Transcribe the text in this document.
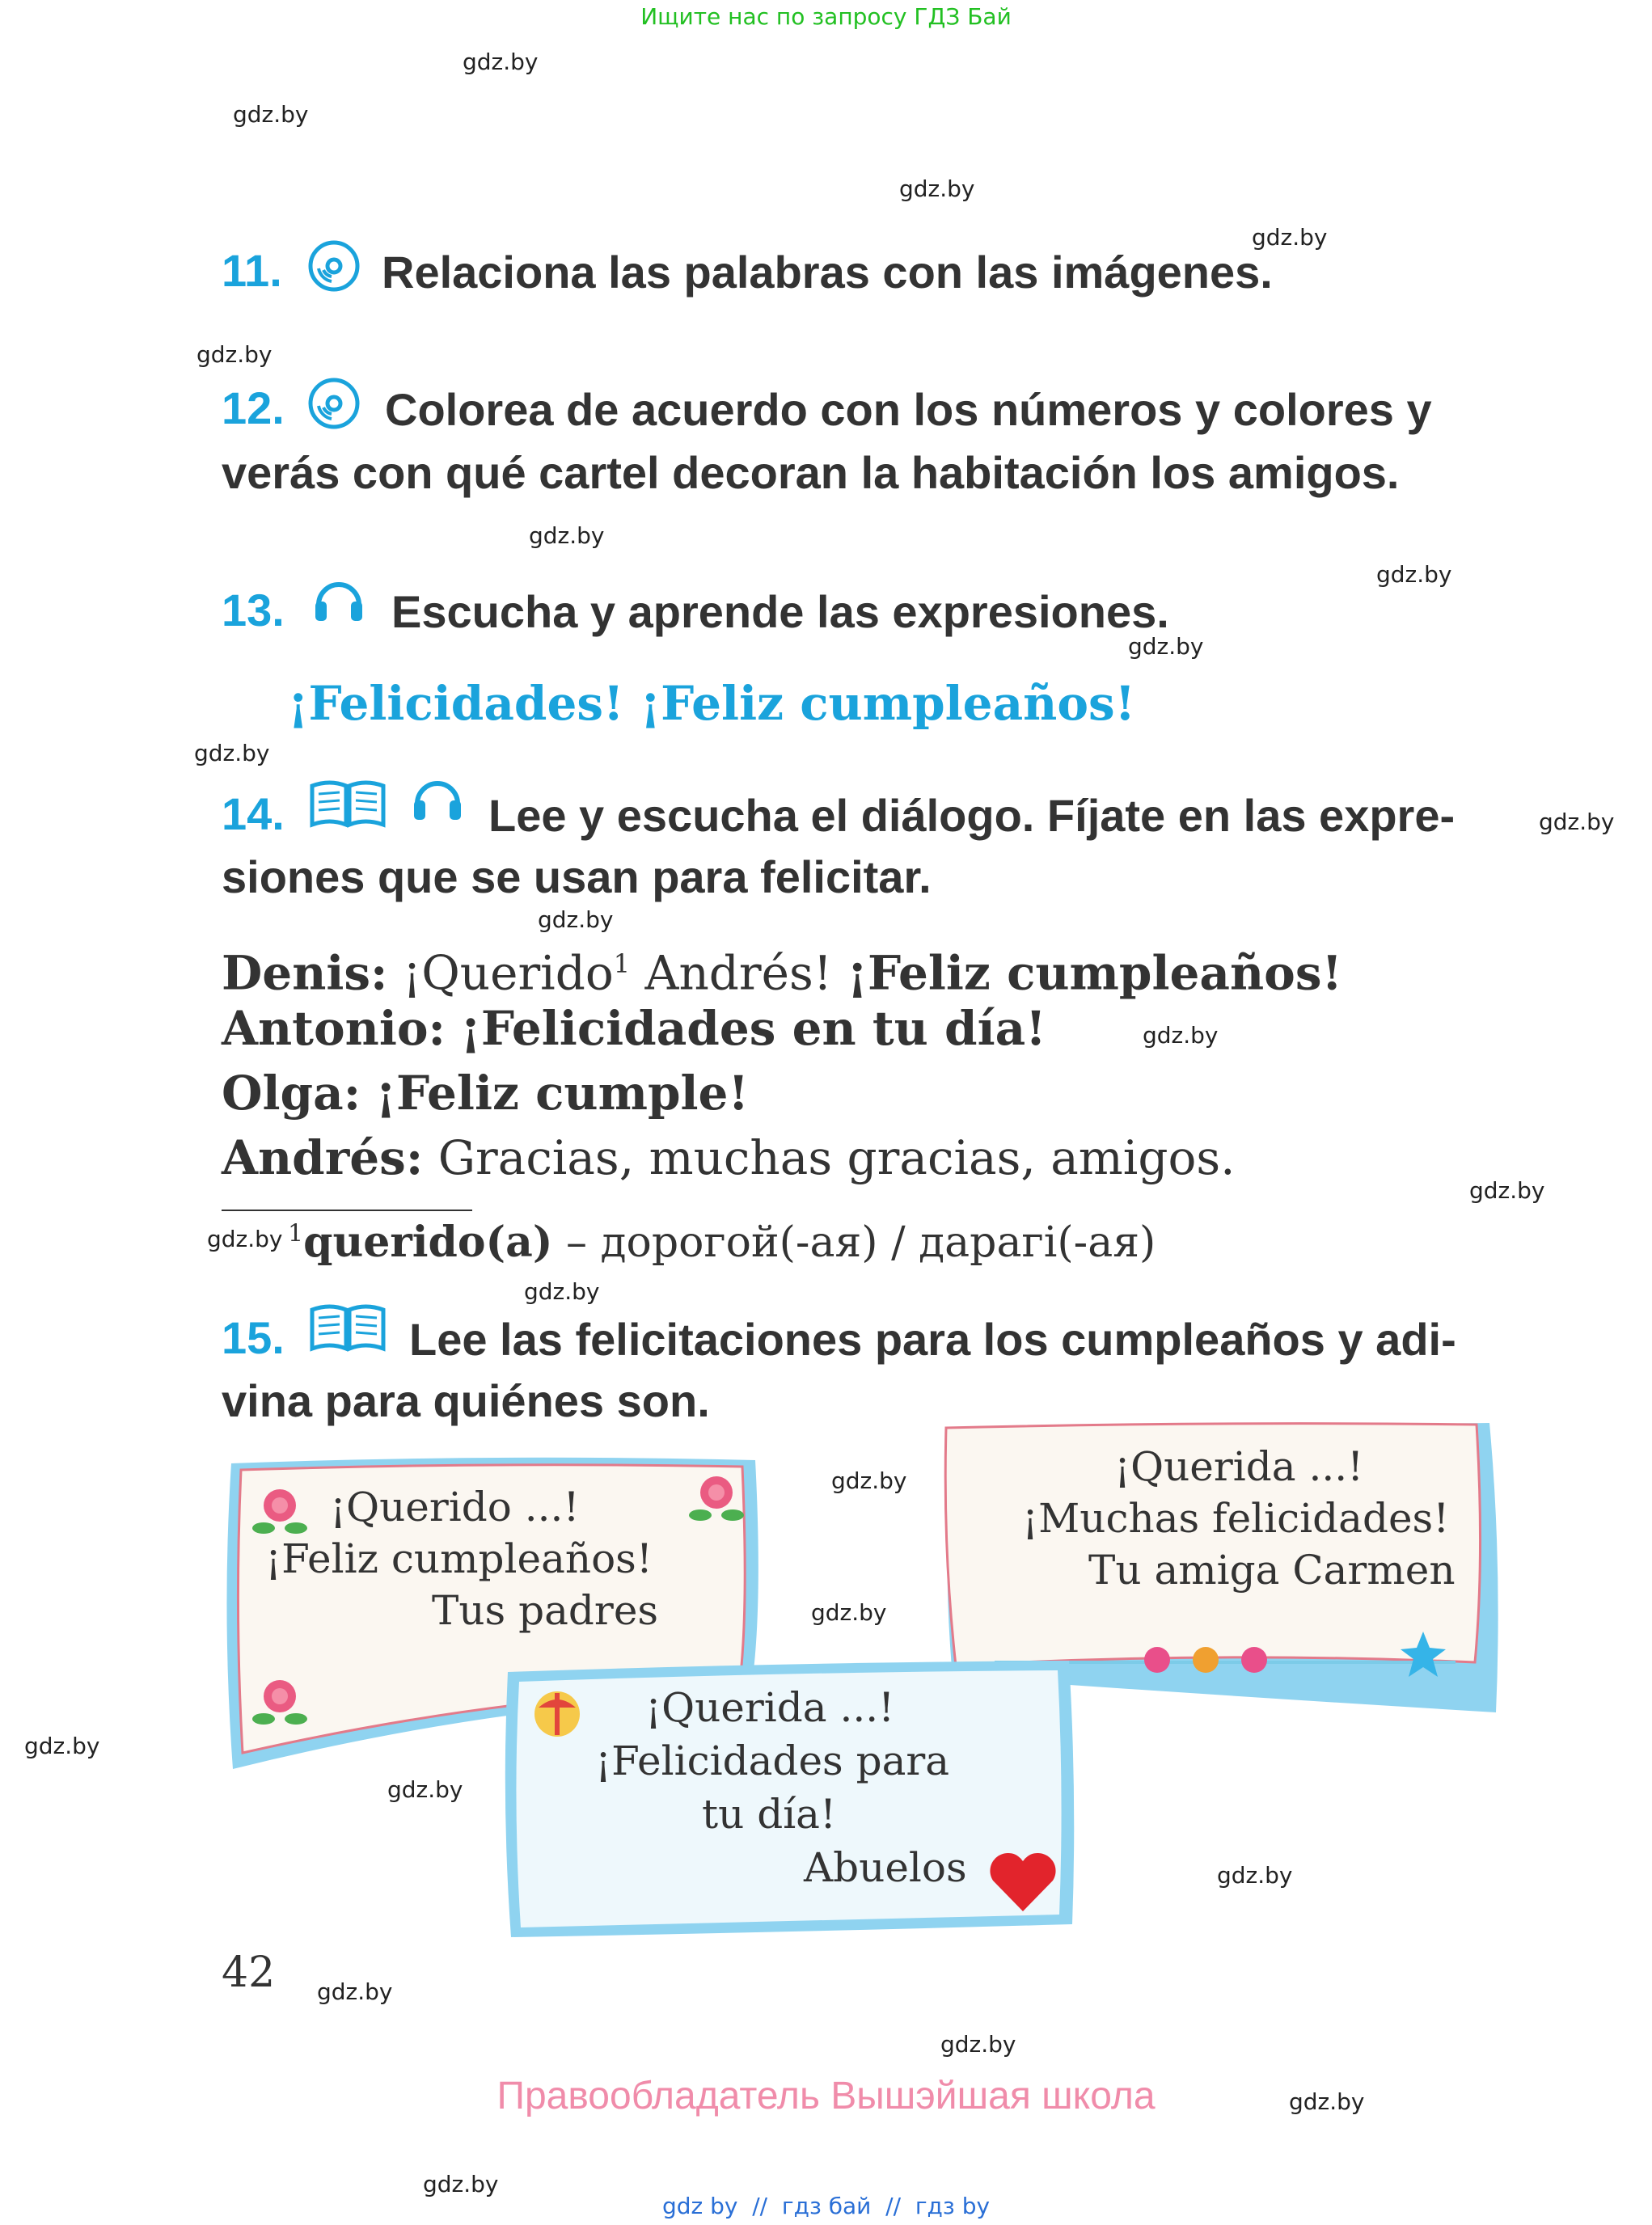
Ищите нас по запросу ГДЗ Бай
gdz.by
gdz.by
gdz.by
gdz.by
gdz.by
gdz.by
gdz.by
gdz.by
gdz.by
gdz.by
gdz.by
gdz.by
gdz.by
gdz.by
gdz.by
gdz.by
gdz.by
gdz.by
gdz.by
gdz.by
gdz.by
gdz.by
gdz.by
gdz.by
11. Relaciona las palabras con las imágenes.
12. Colorea de acuerdo con los números y colores y
verás con qué cartel decoran la habitación los amigos.
13. Escucha y aprende las expresiones.
¡Felicidades! ¡Feliz cumpleaños!
14.	Lee y escucha el diálogo. Fíjate en las expre-
siones que se usan para felicitar.
Denis: ¡Querido$^1$ Andrés! ¡Feliz cumpleaños!
Antonio: ¡Felicidades en tu día!
Olga: ¡Feliz cumple!
Andrés: Gracias, muchas gracias, amigos.
$^1$querido(a) – дорогой(-ая) / дарагі(-ая)
15.	Lee las felicitaciones para los cumpleaños y adi-
vina para quiénes son.
¡Querido ...!
¡Feliz cumpleaños!
Tus padres
¡Querida ...!
¡Muchas felicidades!
Tu amiga Carmen
¡Querida ...!
¡Felicidades para
tu día!
Abuelos
42
Правообладатель Вышэйшая школа
gdz by  //  гдз бай  //  гдз by
